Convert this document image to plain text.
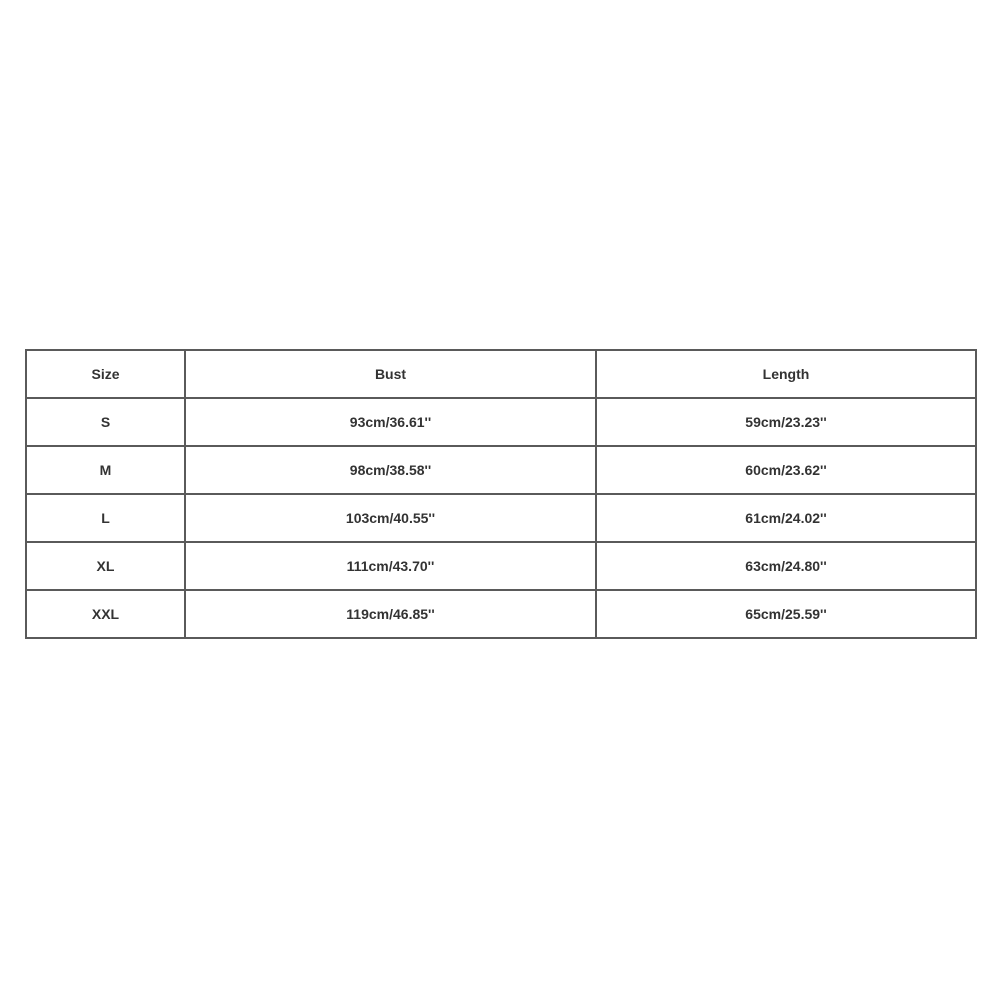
Size	Bust	Length
S	93cm/36.61''	59cm/23.23''
M	98cm/38.58''	60cm/23.62''
L	103cm/40.55''	61cm/24.02''
XL	111cm/43.70''	63cm/24.80''
XXL	119cm/46.85''	65cm/25.59''
